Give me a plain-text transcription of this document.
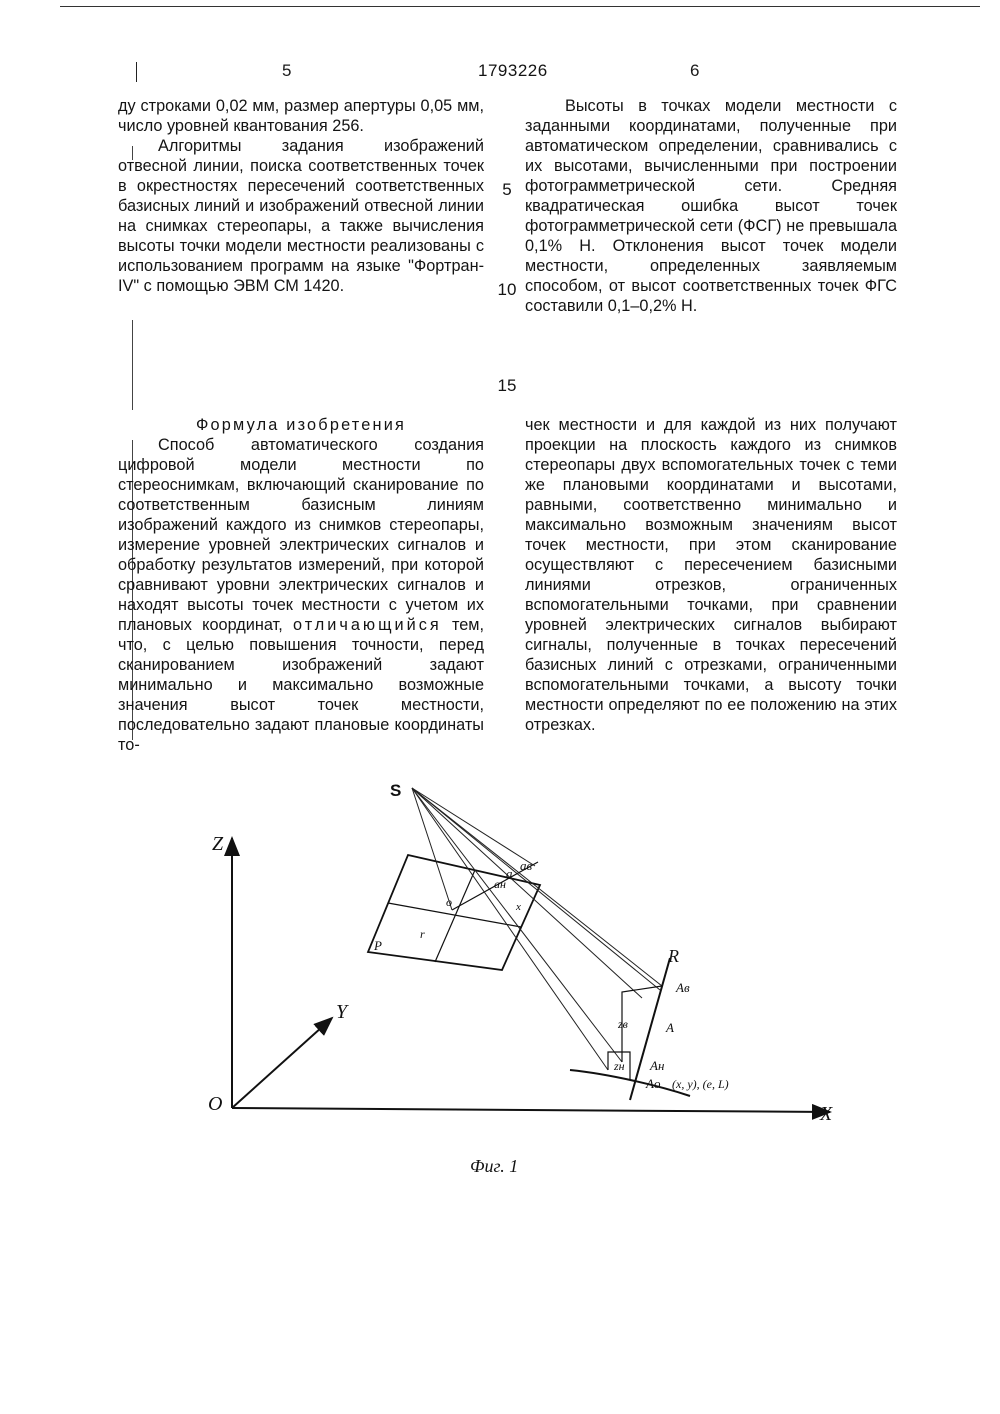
5	1793226	6

ду строками 0,02 мм, размер апертуры 0,05 мм, число уровней квантования 256.

Алгоритмы задания изображений отвесной линии, поиска соответственных точек в окрестностях пересечений соответственных базисных линий и изображений отвесной линии на снимках стереопары, а также вычисления высоты точки модели местности реализованы с использованием программ на языке "Фортран-IV" с помощью ЭВМ СМ 1420.

Высоты в точках модели местности с заданными координатами, полученные при автоматическом определении, сравнивались с их высотами, вычисленными при построении фотограмметрической сети. Средняя квадратическая ошибка высот точек фотограмметрической сети (ФСГ) не превышала 0,1% Н. Отклонения высот точек модели местности, определенных заявляемым способом, от высот соответственных точек ФГС составили 0,1–0,2% Н.

5
10
15

Формула изобретения

Способ автоматического создания цифровой модели местности по стереоснимкам, включающий сканирование по соответственным базисным линиям изображений каждого из снимков стереопары, измерение уровней электрических сигналов и обработку результатов измерений, при которой сравнивают уровни электрических сигналов и находят высоты точек местности с учетом их плановых координат, отличающийся тем, что, с целью повышения точности, перед сканированием изображений задают минимально и максимально возможные значения высот точек местности, последовательно задают плановые координаты то-

чек местности и для каждой из них получают проекции на плоскость каждого из снимков стереопары двух вспомогательных точек с теми же плановыми координатами и высотами, равными, соответственно минимально и максимально возможным значениям высот точек местности, при этом сканирование осуществляют с пересечением базисными линиями отрезков, ограниченных вспомогательными точками, при сравнении уровней электрических сигналов выбирают сигналы, полученные в точках пересечений базисных линий с отрезками, ограниченными вспомогательными точками, а высоту точки местности определяют по ее положению на этих отрезках.

S
Z
Y
X
O
R
P
r
o
a
aв
aн
x
A
Aв
Aн
Ao
zв
zн
(x, y), (e, L)
Фиг. 1
